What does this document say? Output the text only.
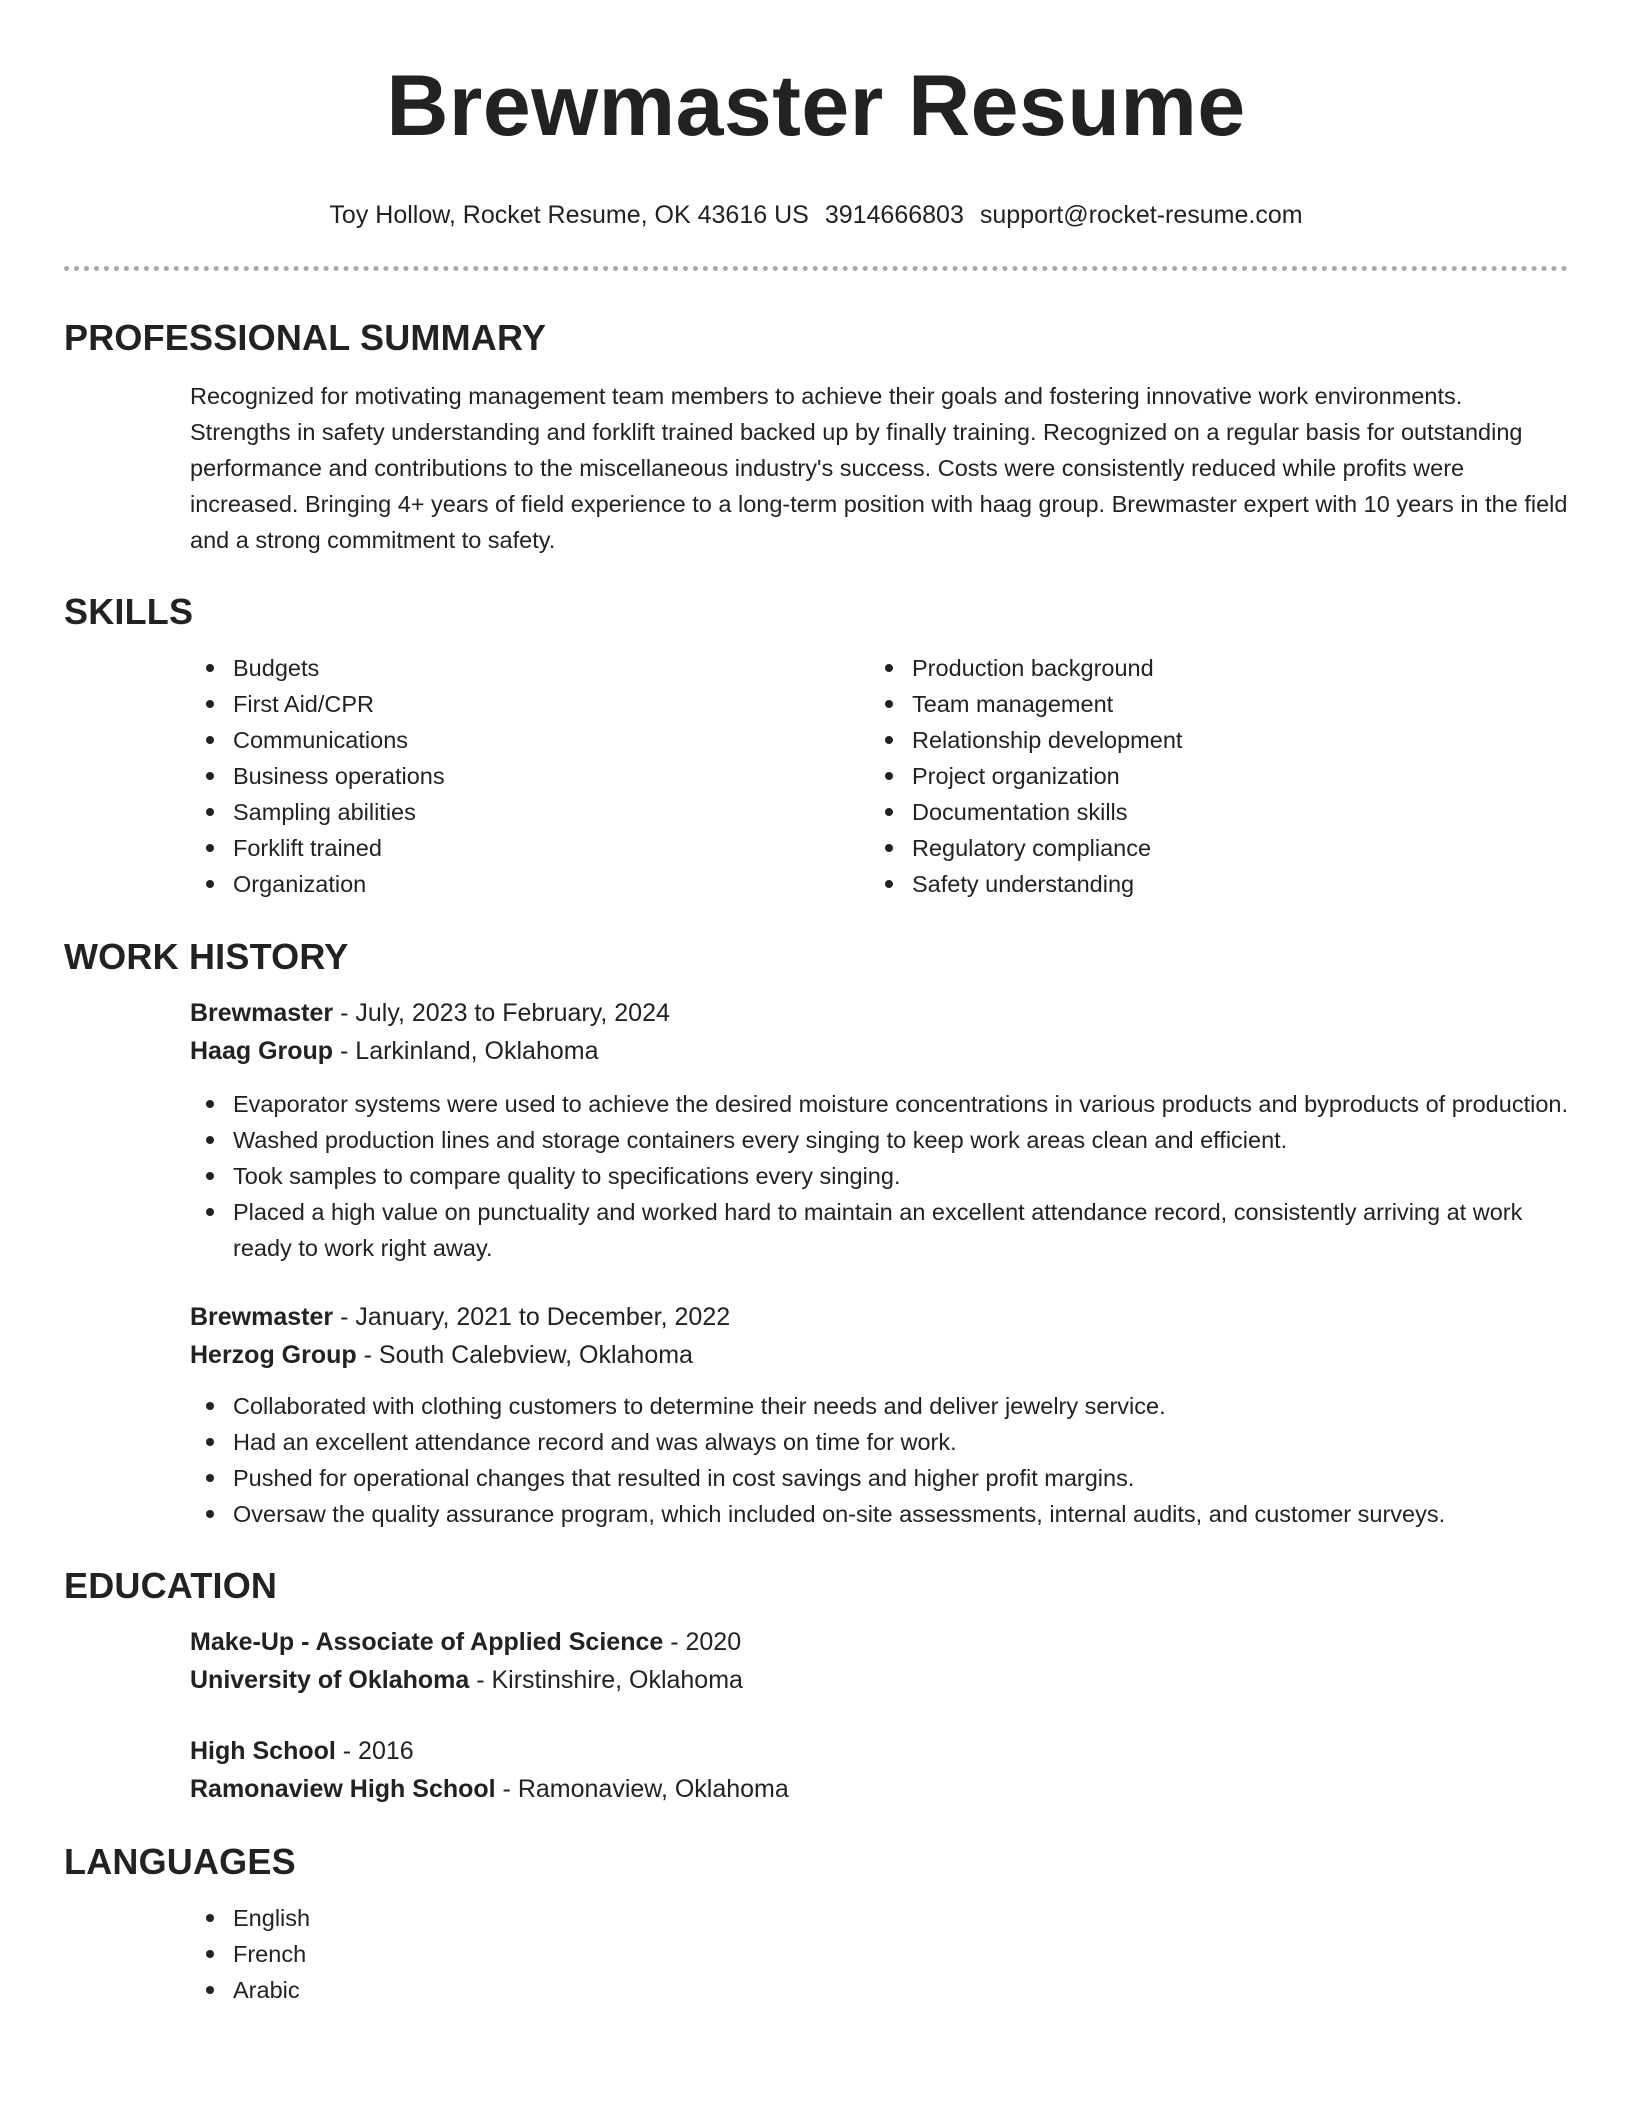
Brewmaster Resume
Toy Hollow, Rocket Resume, OK 43616 US 3914666803 support@rocket-resume.com
PROFESSIONAL SUMMARY
Recognized for motivating management team members to achieve their goals and fostering innovative work environments. Strengths in safety understanding and forklift trained backed up by finally training. Recognized on a regular basis for outstanding performance and contributions to the miscellaneous industry's success. Costs were consistently reduced while profits were increased. Bringing 4+ years of field experience to a long-term position with haag group. Brewmaster expert with 10 years in the field and a strong commitment to safety.
SKILLS
Budgets
First Aid/CPR
Communications
Business operations
Sampling abilities
Forklift trained
Organization
Production background
Team management
Relationship development
Project organization
Documentation skills
Regulatory compliance
Safety understanding
WORK HISTORY
Brewmaster - July, 2023 to February, 2024
Haag Group - Larkinland, Oklahoma
Evaporator systems were used to achieve the desired moisture concentrations in various products and byproducts of production.
Washed production lines and storage containers every singing to keep work areas clean and efficient.
Took samples to compare quality to specifications every singing.
Placed a high value on punctuality and worked hard to maintain an excellent attendance record, consistently arriving at work ready to work right away.
Brewmaster - January, 2021 to December, 2022
Herzog Group - South Calebview, Oklahoma
Collaborated with clothing customers to determine their needs and deliver jewelry service.
Had an excellent attendance record and was always on time for work.
Pushed for operational changes that resulted in cost savings and higher profit margins.
Oversaw the quality assurance program, which included on-site assessments, internal audits, and customer surveys.
EDUCATION
Make-Up - Associate of Applied Science - 2020
University of Oklahoma - Kirstinshire, Oklahoma
High School - 2016
Ramonaview High School - Ramonaview, Oklahoma
LANGUAGES
English
French
Arabic
